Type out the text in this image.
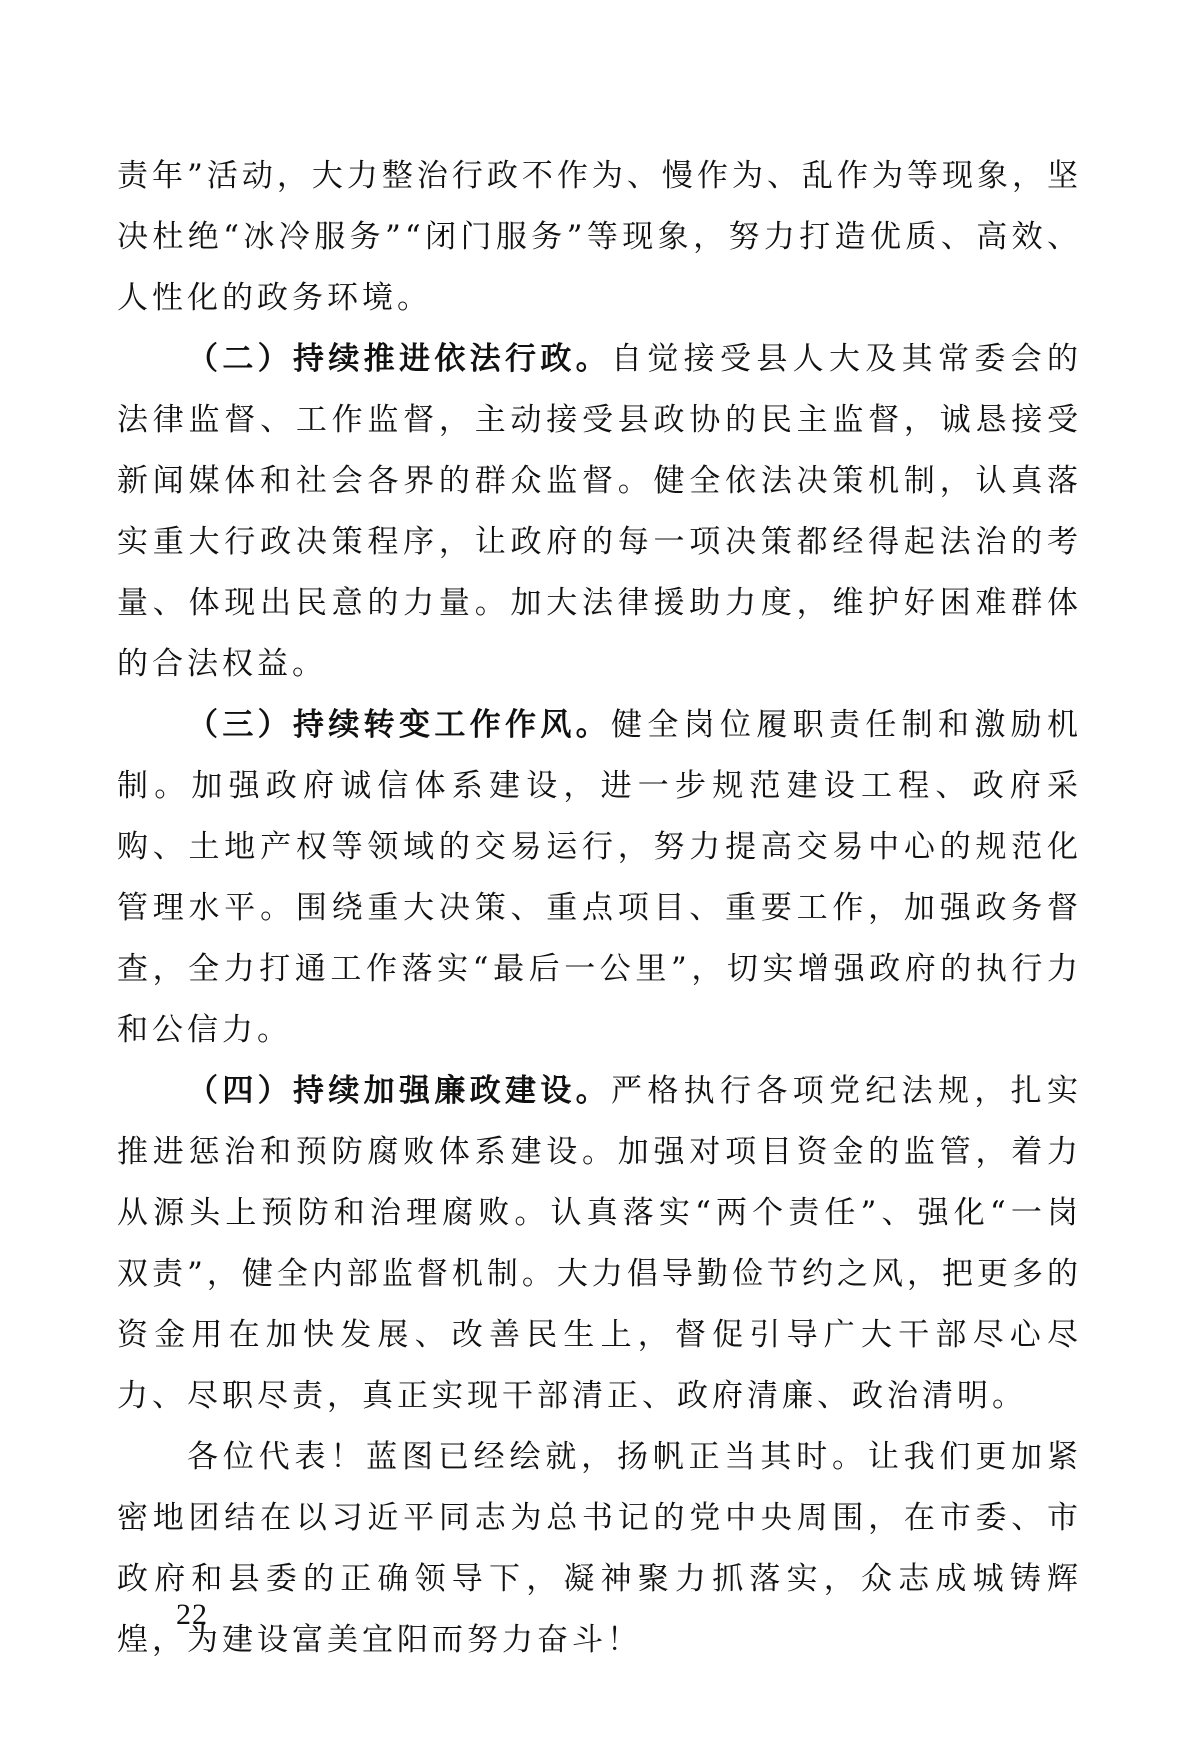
责年”活动，大力整治行政不作为、慢作为、乱作为等现象，坚决杜绝“冰冷服务”“闭门服务”等现象，努力打造优质、高效、人性化的政务环境。

（二）持续推进依法行政。自觉接受县人大及其常委会的法律监督、工作监督，主动接受县政协的民主监督，诚恳接受新闻媒体和社会各界的群众监督。健全依法决策机制，认真落实重大行政决策程序，让政府的每一项决策都经得起法治的考量、体现出民意的力量。加大法律援助力度，维护好困难群体的合法权益。

（三）持续转变工作作风。健全岗位履职责任制和激励机制。加强政府诚信体系建设，进一步规范建设工程、政府采购、土地产权等领域的交易运行，努力提高交易中心的规范化管理水平。围绕重大决策、重点项目、重要工作，加强政务督查，全力打通工作落实“最后一公里”，切实增强政府的执行力和公信力。

（四）持续加强廉政建设。严格执行各项党纪法规，扎实推进惩治和预防腐败体系建设。加强对项目资金的监管，着力从源头上预防和治理腐败。认真落实“两个责任”、强化“一岗双责”，健全内部监督机制。大力倡导勤俭节约之风，把更多的资金用在加快发展、改善民生上，督促引导广大干部尽心尽力、尽职尽责，真正实现干部清正、政府清廉、政治清明。

各位代表！蓝图已经绘就，扬帆正当其时。让我们更加紧密地团结在以习近平同志为总书记的党中央周围，在市委、市政府和县委的正确领导下，凝神聚力抓落实，众志成城铸辉煌，为建设富美宜阳而努力奋斗！

22
